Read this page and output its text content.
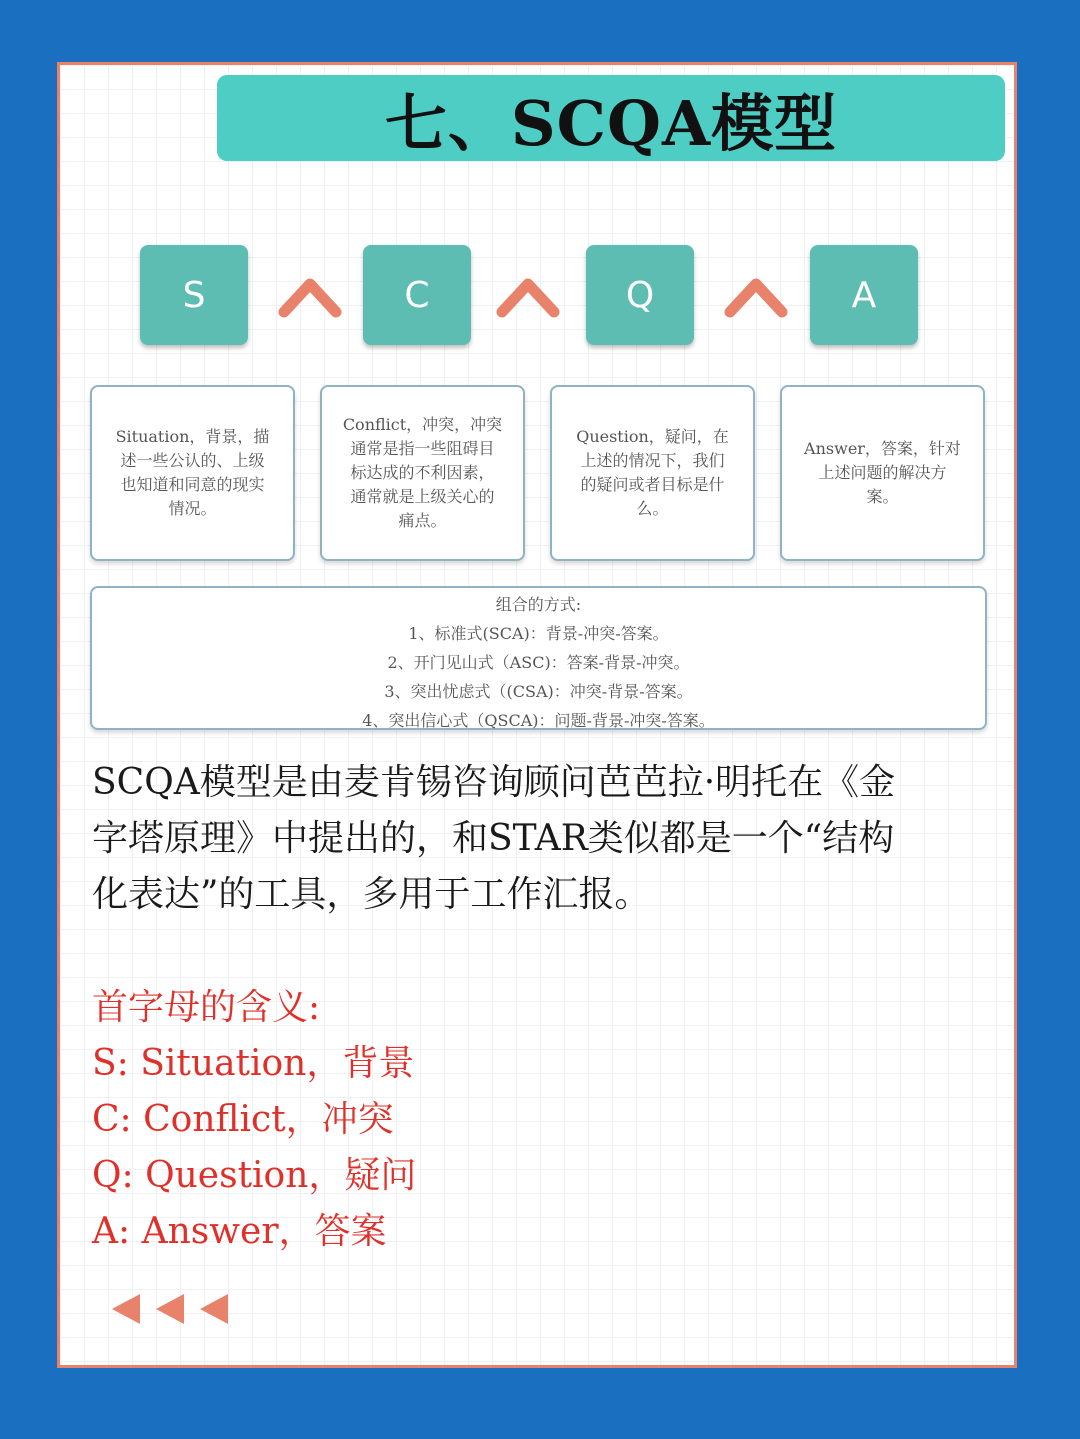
七、SCQA模型
S	C	Q	A
Situation，背景，描
述一些公认的、上级
也知道和同意的现实
情况。
Conflict，冲突，冲突
通常是指一些阻碍目
标达成的不利因素，
通常就是上级关心的
痛点。
Question，疑问，在
上述的情况下，我们
的疑问或者目标是什
么。
Answer，答案，针对
上述问题的解决方
案。
组合的方式:
1、标准式(SCA)：背景-冲突-答案。
2、开门见山式（ASC)：答案-背景-冲突。
3、突出忧虑式（(CSA)：冲突-背景-答案。
4、突出信心式（QSCA)：问题-背景-冲突-答案。
SCQA模型是由麦肯锡咨询顾问芭芭拉·明托在《金
字塔原理》中提出的，和STAR类似都是一个“结构
化表达”的工具，多用于工作汇报。
首字母的含义:
S: Situation，背景
C: Conflict，冲突
Q: Question，疑问
A: Answer，答案
